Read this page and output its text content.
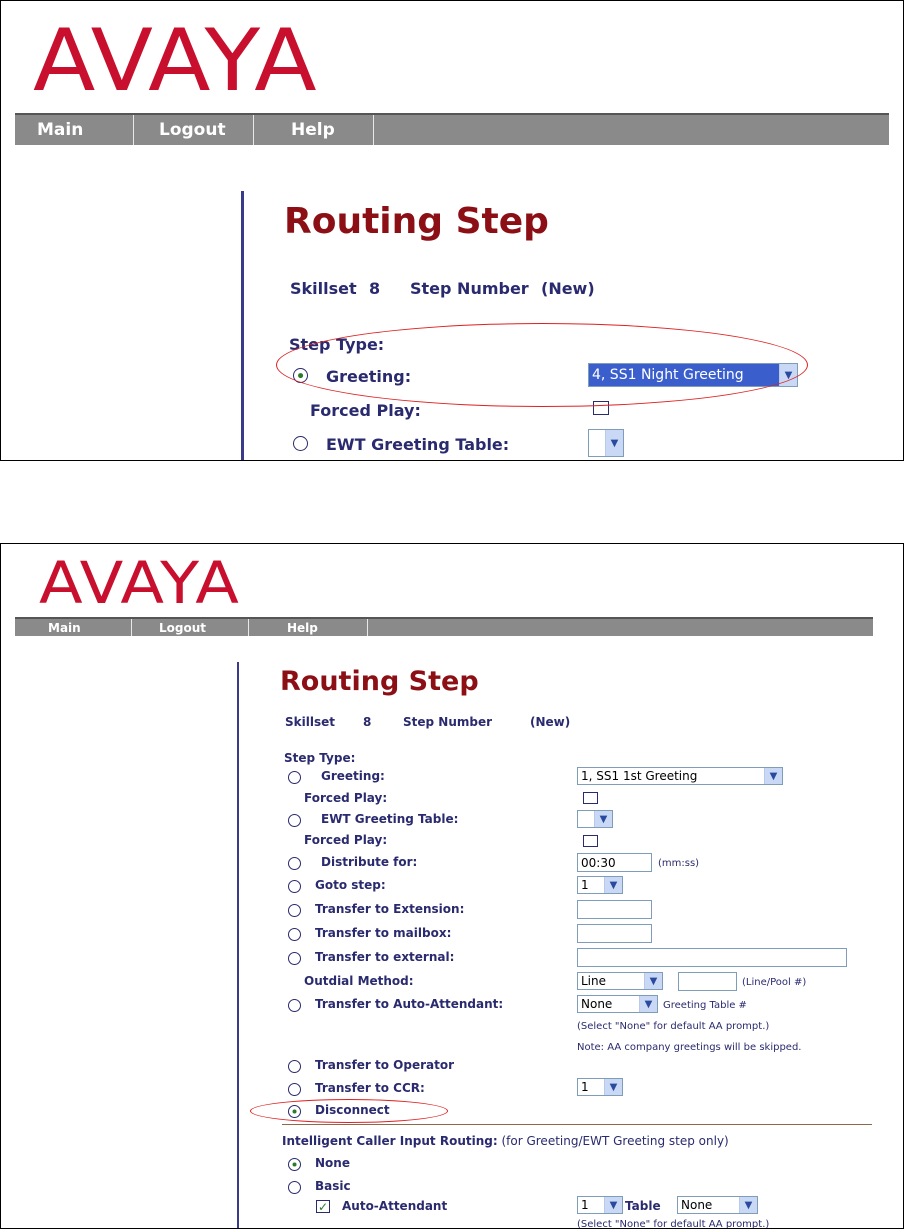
AVAYA
Main	Logout	Help
Routing Step
Skillset 8 Step Number (New)
Step Type:
Greeting:	4, SS1 Night Greeting	▼
Forced Play:
EWT Greeting Table:	▼
AVAYA
Main	Logout	Help
Routing Step
Skillset 8	Step Number	(New)
Step Type:
Greeting:	1, SS1 1st Greeting	▼
Forced Play:
EWT Greeting Table:	▼
Forced Play:
Distribute for:	00:30	(mm:ss)
Goto step:	1	▼
Transfer to Extension:
Transfer to mailbox:
Transfer to external:
Outdial Method:	Line	▼	(Line/Pool #)
Transfer to Auto-Attendant:	None	▼	Greeting Table #
(Select "None" for default AA prompt.)
Note: AA company greetings will be skipped.
Transfer to Operator
Transfer to CCR:	1	▼
Disconnect
Intelligent Caller Input Routing: (for Greeting/EWT Greeting step only)
None
Basic
✓ Auto-Attendant	1	▼ Table None	▼
(Select "None" for default AA prompt.)
